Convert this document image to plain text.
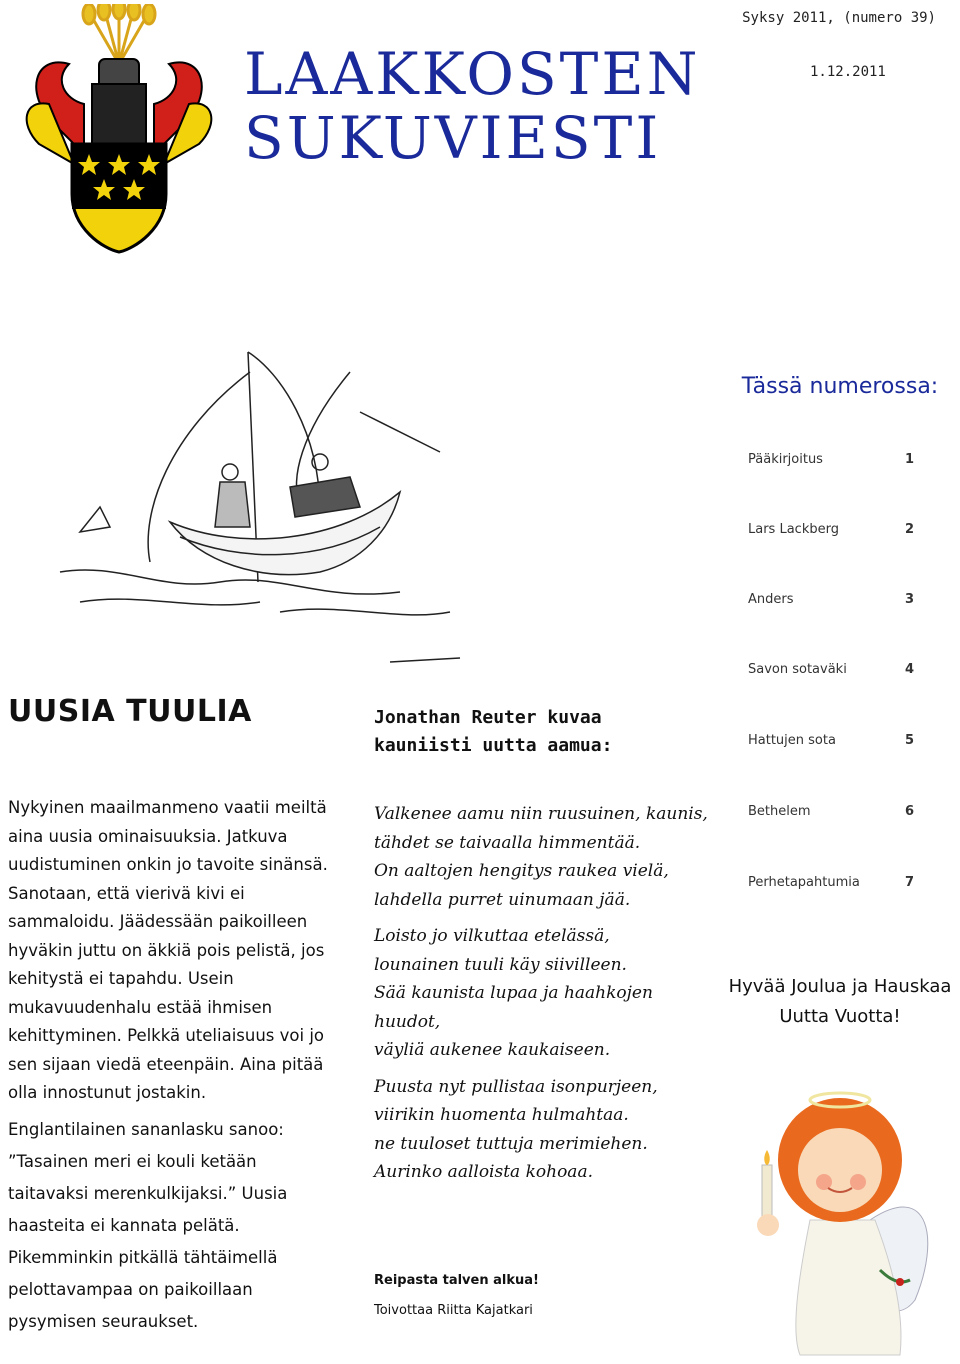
LAAKKOSTEN
SUKUVIESTI
Syksy 2011, (numero 39)
1.12.2011
Tässä numerossa:
Pääkirjoitus	1
Lars Lackberg	2
Anders	3
Savon sotaväki	4
Hattujen sota	5
Bethelem	6
Perhetapahtumia	7
Hyvää Joulua ja Hauskaa Uutta Vuotta!
UUSIA TUULIA	Jonathan Reuter kuvaa kauniisti uutta aamua:

Nykyinen maailmanmeno vaatii meiltä aina uusia ominaisuuksia. Jatkuva uudistuminen onkin jo tavoite sinänsä. Sanotaan, että vierivä kivi ei sammaloidu. Jäädessään paikoilleen hyväkin juttu on äkkiä pois pelistä, jos kehitystä ei tapahdu. Usein mukavuudenhalu estää ihmisen kehittyminen. Pelkkä uteliaisuus voi jo sen sijaan viedä eteenpäin. Aina pitää olla innostunut jostakin.

Englantilainen sananlasku sanoo: ”Tasainen meri ei kouli ketään taitavaksi merenkulkijaksi.” Uusia haasteita ei kannata pelätä. Pikemminkin pitkällä tähtäimellä pelottavampaa on paikoillaan pysymisen seuraukset.

Valkenee aamu niin ruusuinen, kaunis,
tähdet se taivaalla himmentää.
On aaltojen hengitys raukea vielä,
lahdella purret uinumaan jää.
Loisto jo vilkuttaa etelässä,
lounainen tuuli käy siivilleen.
Sää kaunista lupaa ja haahkojen huudot,
väyliä aukenee kaukaiseen.
Puusta nyt pullistaa isonpurjeen,
viirikin huomenta hulmahtaa.
ne tuuloset tuttuja merimiehen.
Aurinko aalloista kohoaa.
Reipasta talven alkua!
Toivottaa Riitta Kajatkari
